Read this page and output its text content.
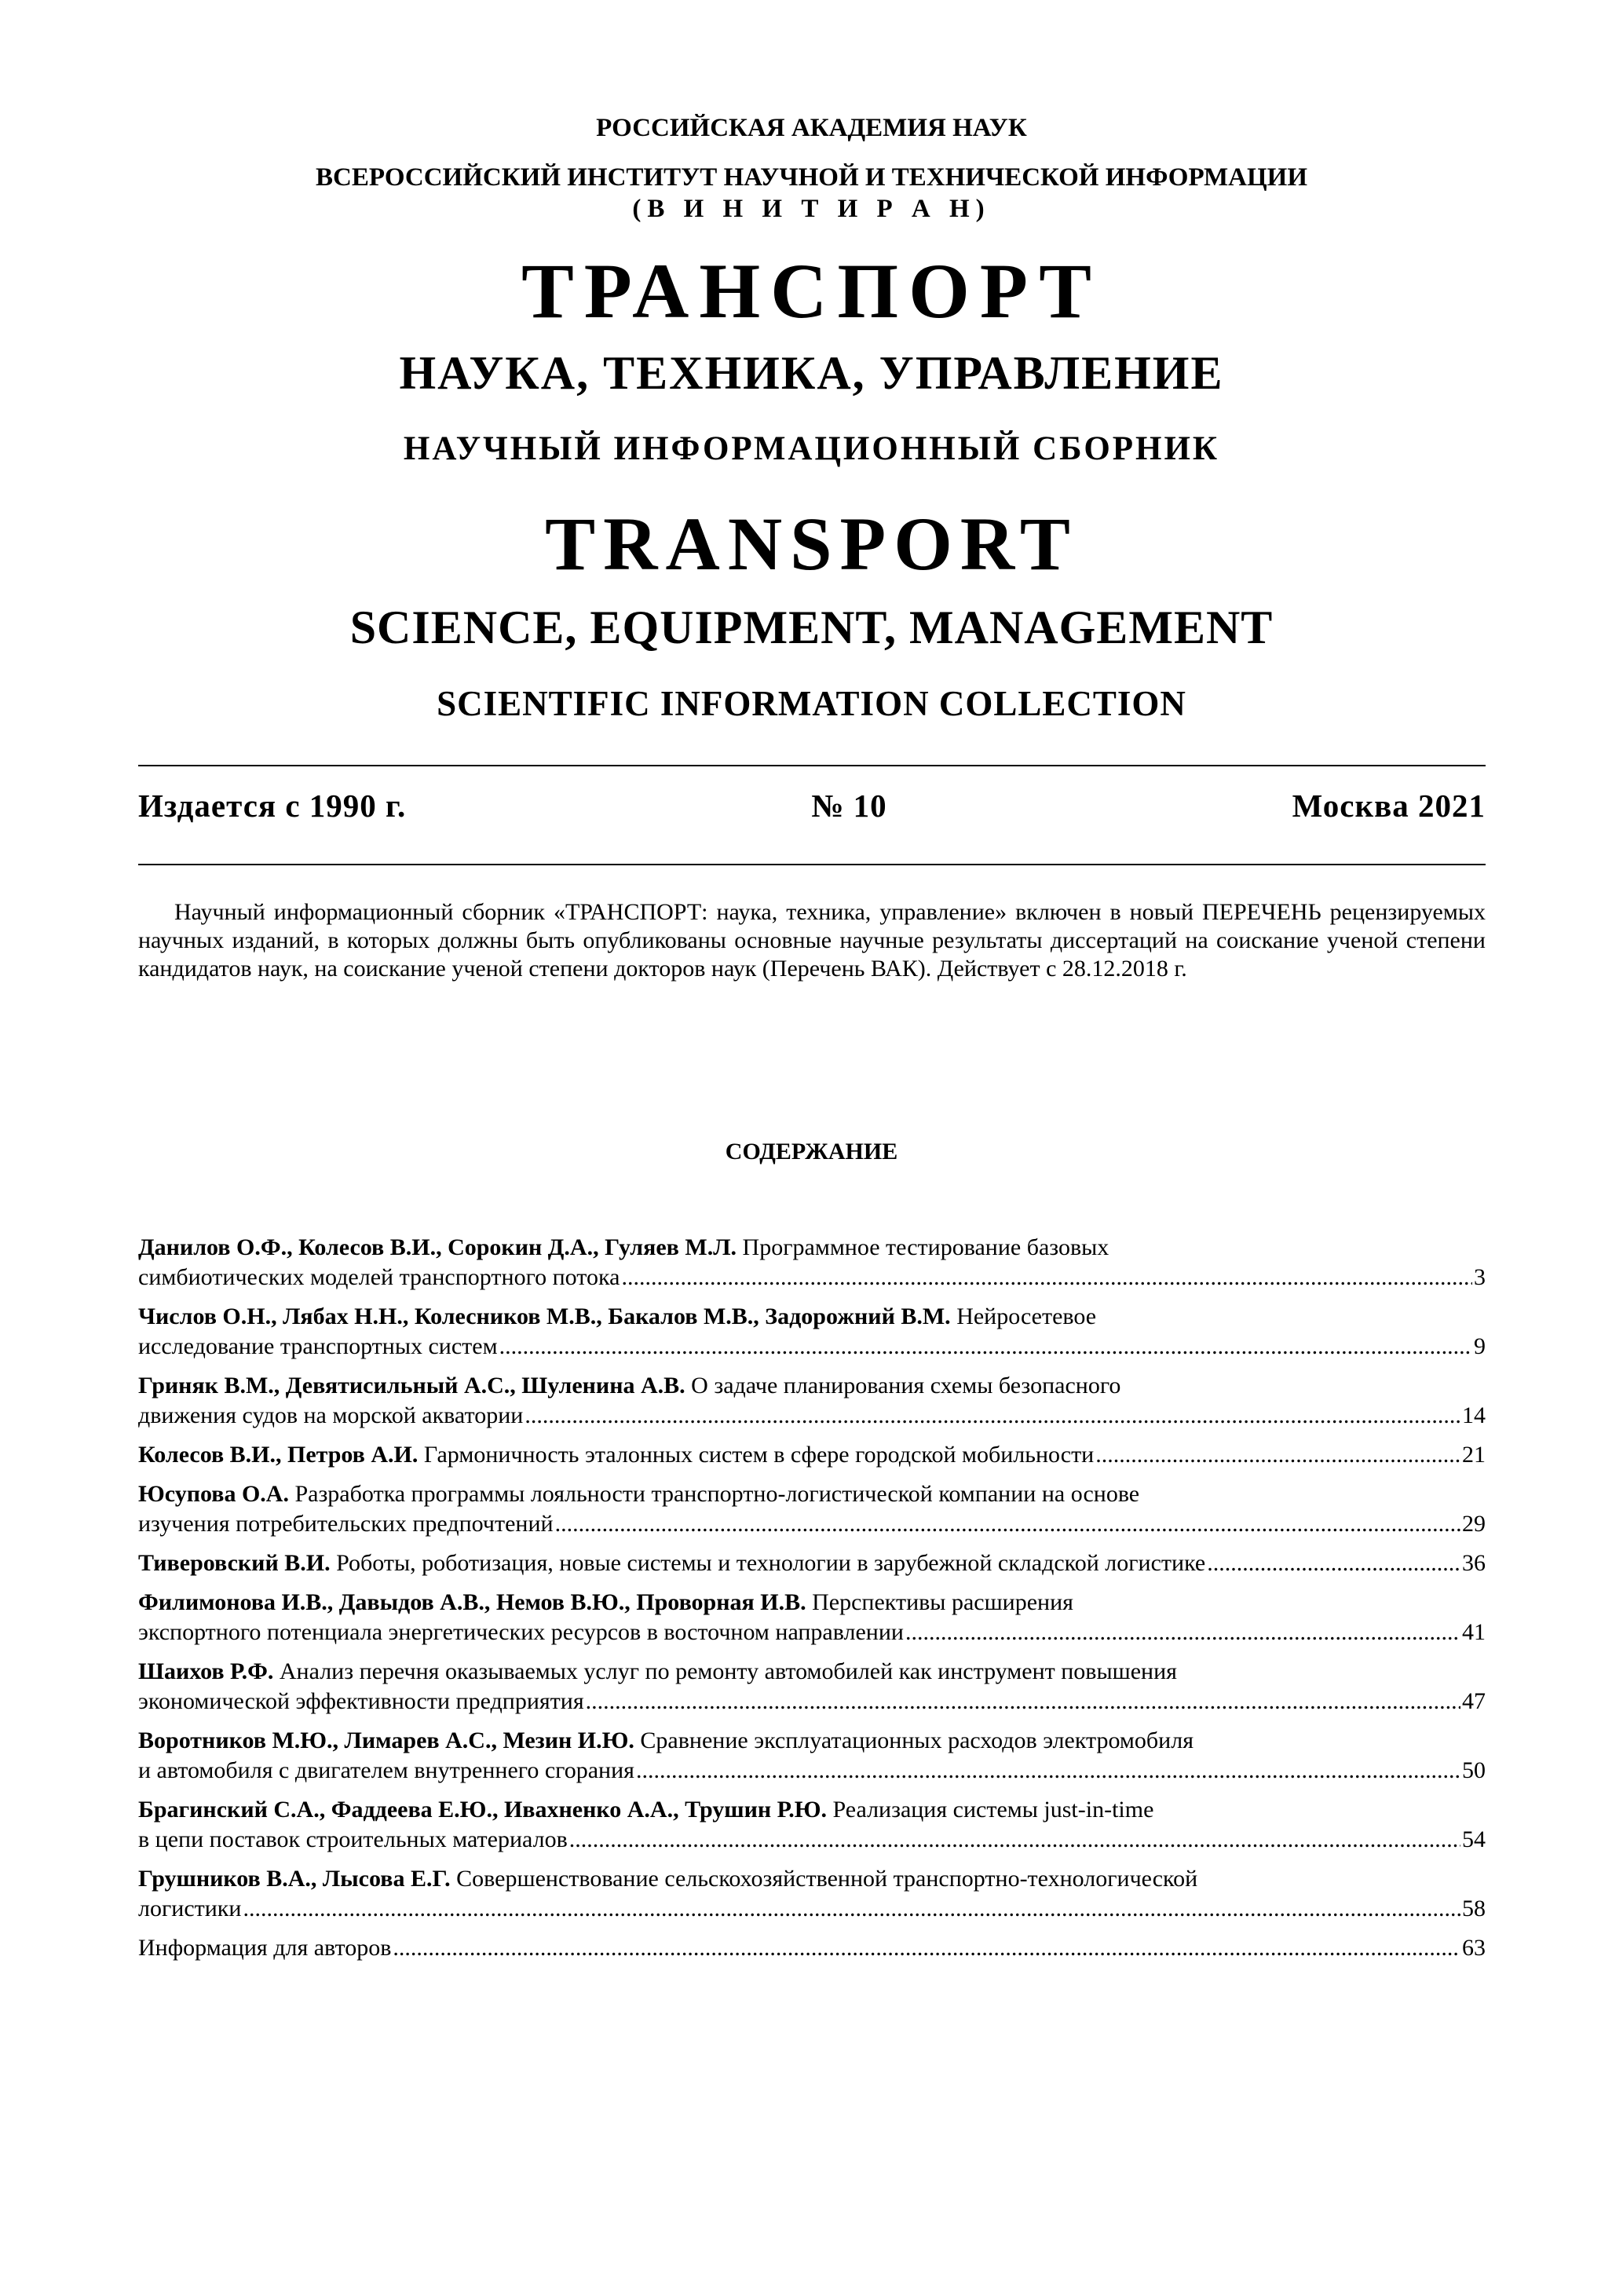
РОССИЙСКАЯ АКАДЕМИЯ НАУК
ВСЕРОССИЙСКИЙ ИНСТИТУТ НАУЧНОЙ И ТЕХНИЧЕСКОЙ ИНФОРМАЦИИ
(В И Н И Т И Р А Н)
ТРАНСПОРТ
НАУКА, ТЕХНИКА, УПРАВЛЕНИЕ
НАУЧНЫЙ ИНФОРМАЦИОННЫЙ СБОРНИК
TRANSPORT
SCIENCE, EQUIPMENT, MANAGEMENT
SCIENTIFIC INFORMATION COLLECTION
Издается с 1990 г.	№ 10	Москва 2021
Научный информационный сборник «ТРАНСПОРТ: наука, техника, управление» включен в новый ПЕРЕЧЕНЬ рецензируемых научных изданий, в которых должны быть опубликованы основные научные результаты диссертаций на соискание ученой степени кандидатов наук, на соискание ученой степени докторов наук (Перечень ВАК). Действует с 28.12.2018 г.
СОДЕРЖАНИЕ
Данилов О.Ф., Колесов В.И., Сорокин Д.А., Гуляев М.Л. Программное тестирование базовых
симбиотических моделей транспортного потока .....	3
Числов О.Н., Лябах Н.Н., Колесников М.В., Бакалов М.В., Задорожний В.М. Нейросетевое
исследование транспортных систем .....	9
Гриняк В.М., Девятисильный А.С., Шуленина А.В. О задаче планирования схемы безопасного
движения судов на морской акватории .....	14
Колесов В.И., Петров А.И. Гармоничность эталонных систем в сфере городской мобильности .....	21
Юсупова О.А. Разработка программы лояльности транспортно-логистической компании на основе
изучения потребительских предпочтений .....	29
Тиверовский В.И. Роботы, роботизация, новые системы и технологии в зарубежной складской логистике .....	36
Филимонова И.В., Давыдов А.В., Немов В.Ю., Проворная И.В. Перспективы расширения
экспортного потенциала энергетических ресурсов в восточном направлении .....	41
Шаихов Р.Ф. Анализ перечня оказываемых услуг по ремонту автомобилей как инструмент повышения
экономической эффективности предприятия .....	47
Воротников М.Ю., Лимарев А.С., Мезин И.Ю. Сравнение эксплуатационных расходов электромобиля
и автомобиля с двигателем внутреннего сгорания .....	50
Брагинский С.А., Фаддеева Е.Ю., Ивахненко А.А., Трушин Р.Ю. Реализация системы just-in-time
в цепи поставок строительных материалов .....	54
Грушников В.А., Лысова Е.Г. Совершенствование сельскохозяйственной транспортно-технологической
логистики .....	58
Информация для авторов .....	63
